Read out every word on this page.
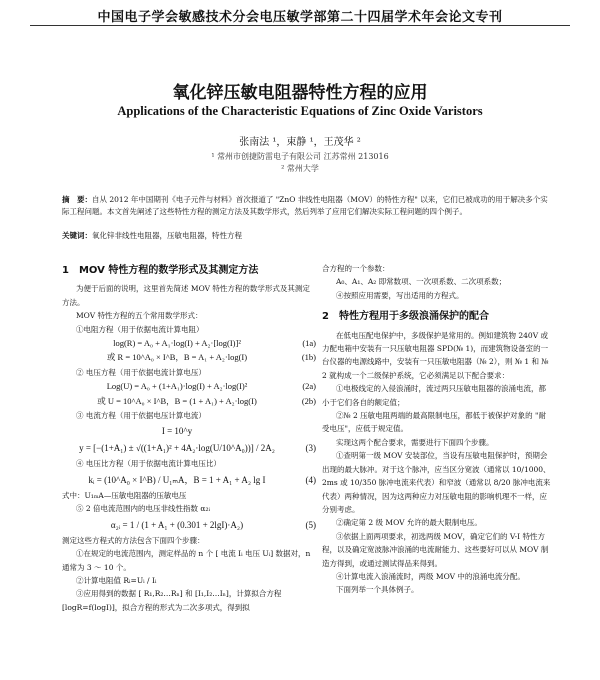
中国电子学会敏感技术分会电压敏学部第二十四届学术年会论文专刊
氧化锌压敏电阻器特性方程的应用
Applications of the Characteristic Equations of Zinc Oxide Varistors
张南法 ¹，束静 ¹，王茂华 ²
¹ 常州市创捷防雷电子有限公司 江苏常州 213016
² 常州大学
摘　要：自从 2012 年中国期刊《电子元件与材料》首次报道了 "ZnO 非线性电阻器（MOV）的特性方程" 以来，它们已被成功的用于解决多个实际工程问题。本文首先阐述了这些特性方程的测定方法及其数学形式，然后列举了应用它们解决实际工程问题的四个例子。
关键词：氧化锌非线性电阻器，压敏电阻器，特性方程
1　MOV 特性方程的数学形式及其测定方法

为便于后面的说明，这里首先简述 MOV 特性方程的数学形式及其测定方法。

MOV 特性方程的五个常用数学形式：

①电阻方程（用于依据电流计算电阻）

log(R) = A₀ + A₁·log(I) + A₂·[log(I)]²	(1a)
或 R = 10^A₀ × I^B，B = A₁ + A₂·log(I)	(1b)

② 电压方程（用于依据电流计算电压）

Log(U) = A₀ + (1+A₁)·log(I) + A₂·log(I)²	(2a)
或 U = 10^A₀ × I^B，B = (1 + A₁) + A₂·log(I)	(2b)

③ 电流方程（用于依据电压计算电流）

I = 10^y
y = [−(1+A₁) ± √((1+A₁)² + 4A₂·log(U/10^A₀))] / 2A₂	(3)

④ 电压比方程（用于依据电流计算电压比）

kᵢ = (10^A₀ × I^B) / U₁ₘA，B = 1 + A₁ + A₂ lg I	(4)

式中：U₁ₘA—压敏电阻器的压敏电压

⑤ 2 倍电流范围内的电压非线性指数 α₂ᵢ

α₂ᵢ = 1 / (1 + A₁ + (0.301 + 2lgI)·A₂)	(5)

测定这些方程式的方法包含下面四个步骤：

①在规定的电流范围内，测定样品的 n 个 [ 电流 Iᵢ 电压 Uᵢ] 数据对，n 通常为 3 ～ 10 个。

②计算电阻值 Rᵢ=Uᵢ / Iᵢ

③应用得到的数据 [ R₁,R₂…Rₙ] 和 [I₁,I₂…Iₙ]，计算拟合方程 [logR=f(logI)]，拟合方程的形式为二次多项式，得到拟

合方程的一个参数：

A₀、A₁、A₂ 即常数项、一次项系数、二次项系数；

④按照应用需要，写出适用的方程式。

2　特性方程用于多级浪涌保护的配合

在低电压配电保护中，多级保护是常用的。例如建筑物 240V 或力配电箱中安装有一只压敏电阻器 SPD(№ 1)，而建筑物设备室的一台仪器的电源线路中，安装有一只压敏电阻器（№ 2），则 № 1 和 № 2 就构成一个二级保护系统，它必须满足以下配合要求：

①电极线定的入侵浪涌时，流过两只压敏电阻器的浪涌电流，都小于它们各自的额定值；

②№ 2 压敏电阻两端的最高限制电压，都低于被保护对象的 "耐受电压"，应低于规定值。

实现这两个配合要求，需要进行下面四个步骤。

①查明第一级 MOV 安装部位，当设有压敏电阻保护时，预期会出现的最大脉冲。对于这个脉冲，应当区分宽波（通常以 10/1000、2ms 或 10/350 脉冲电流来代表）和窄波（通常以 8/20 脉冲电流来代表）两种情况，因为这两种应力对压敏电阻的影响机理不一样，应分别考虑。

②确定第 2 级 MOV 允许的最大限制电压。

③依据上面两项要求，初选两级 MOV，确定它们的 V-I 特性方程，以及确定宽波脉冲浪涌的电流耐能力、这些要好可以从 MOV 制造方得到，或通过测试得品来得到。

④计算电流入浪涌流时，两级 MOV 中的浪涌电流分配。

下面列举一个具体例子。
